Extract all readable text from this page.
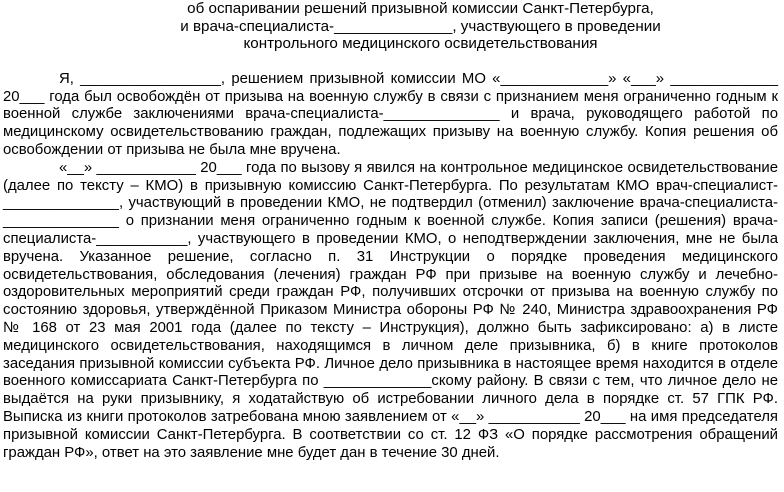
об оспаривании решений призывной комиссии Санкт-Петербурга,
и врача-специалиста-______________, участвующего в проведении
контрольного медицинского освидетельствования

Я, _________________, решением призывной комиссии МО «_____________» «___» _____________ 20___ года был освобождён от призыва на военную службу в связи с признанием меня ограниченно годным к военной службе заключениями врача-специалиста-______________ и врача, руководящего работой по медицинскому освидетельствованию граждан, подлежащих призыву на военную службу. Копия решения об освобождении от призыва не была мне вручена.

«__» ____________ 20___ года по вызову я явился на контрольное медицинское освидетельствование (далее по тексту – КМО) в призывную комиссию Санкт-Петербурга. По результатам КМО врач-специалист-______________, участвующий в проведении КМО, не подтвердил (отменил) заключение врача-специалиста-______________ о признании меня ограниченно годным к военной службе. Копия записи (решения) врача-специалиста-___________, участвующего в проведении КМО, о неподтверждении заключения, мне не была вручена. Указанное решение, согласно п. 31 Инструкции о порядке проведения медицинского освидетельствования, обследования (лечения) граждан РФ при призыве на военную службу и лечебно-оздоровительных мероприятий среди граждан РФ, получивших отсрочки от призыва на военную службу по состоянию здоровья, утверждённой Приказом Министра обороны РФ № 240, Министра здравоохранения РФ № 168 от 23 мая 2001 года (далее по тексту – Инструкция), должно быть зафиксировано: а) в листе медицинского освидетельствования, находящимся в личном деле призывника, б) в книге протоколов заседания призывной комиссии субъекта РФ. Личное дело призывника в настоящее время находится в отделе военного комиссариата Санкт-Петербурга по _____________скому району. В связи с тем, что личное дело не выдаётся на руки призывнику, я ходатайствую об истребовании личного дела в порядке ст. 57 ГПК РФ. Выписка из книги протоколов затребована мною заявлением от «__» ___________ 20___ на имя председателя призывной комиссии Санкт-Петербурга. В соответствии со ст. 12 ФЗ «О порядке рассмотрения обращений граждан РФ», ответ на это заявление мне будет дан в течение 30 дней.
